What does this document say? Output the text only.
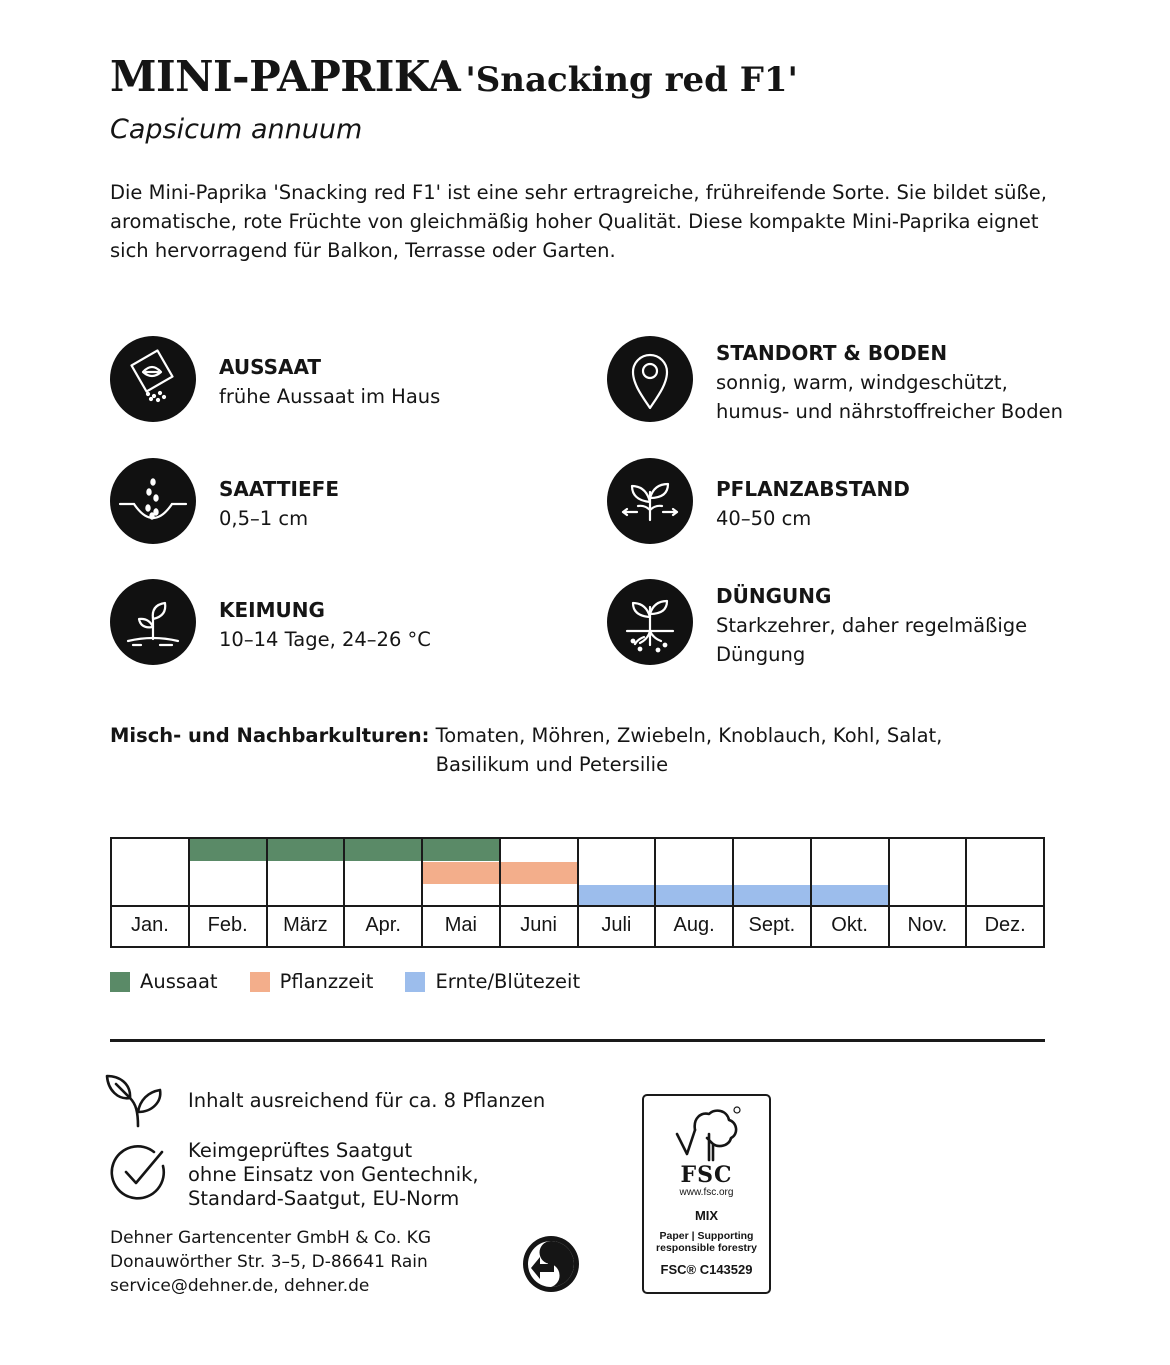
MINI-PAPRIKA 'Snacking red F1'
Capsicum annuum
Die Mini-Paprika 'Snacking red F1' ist eine sehr ertragreiche, frühreifende Sorte. Sie bildet süße, aromatische, rote Früchte von gleichmäßig hoher Qualität. Diese kompakte Mini-Paprika eignet sich hervorragend für Balkon, Terrasse oder Garten.
AUSSAAT
frühe Aussaat im Haus
SAATTIEFE
0,5–1 cm
KEIMUNG
10–14 Tage, 24–26 °C
STANDORT & BODEN
sonnig, warm, windgeschützt,
humus- und nährstoffreicher Boden
PFLANZABSTAND
40–50 cm
DÜNGUNG
Starkzehrer, daher regelmäßige
Düngung
Misch- und Nachbarkulturen: Tomaten, Möhren, Zwiebeln, Knoblauch, Kohl, Salat, Basilikum und Petersilie
Jan.	Feb.	März	Apr.	Mai	Juni	Juli	Aug.	Sept.	Okt.	Nov.	Dez.
Aussaat	Pflanzzeit	Ernte/Blütezeit
Inhalt ausreichend für ca. 8 Pflanzen
Keimgeprüftes Saatgut
ohne Einsatz von Gentechnik,
Standard-Saatgut, EU-Norm
Dehner Gartencenter GmbH & Co. KG
Donauwörther Str. 3–5, D-86641 Rain
service@dehner.de, dehner.de
FSC
www.fsc.org
MIX
Paper | Supporting
responsible forestry
FSC® C143529
